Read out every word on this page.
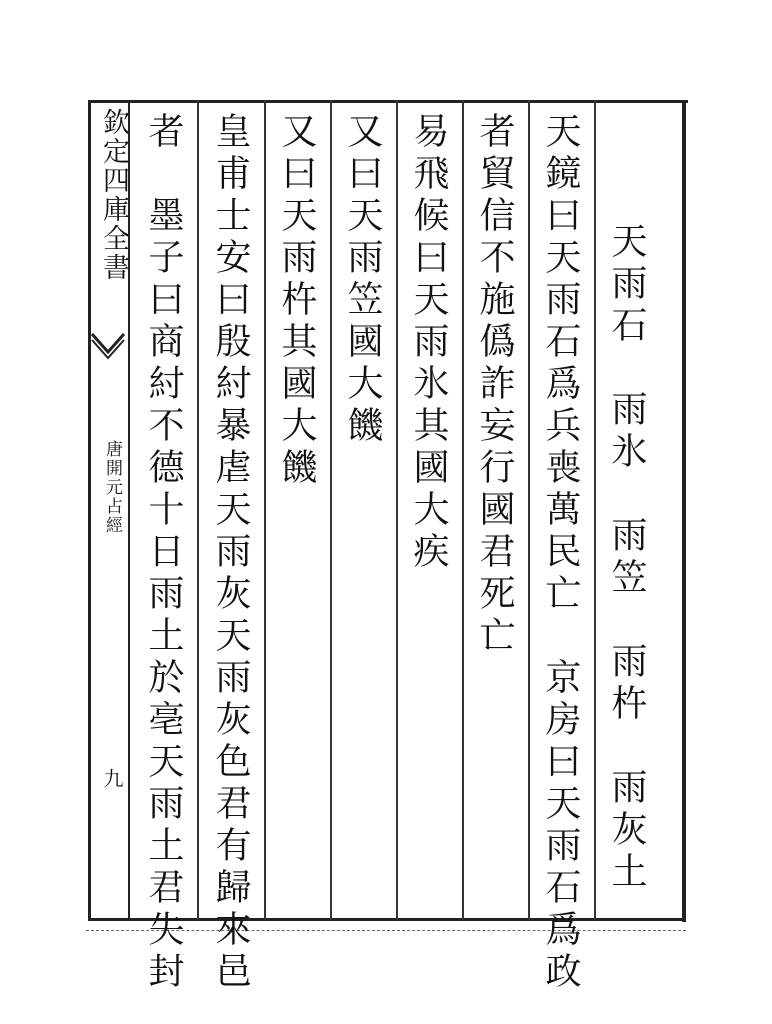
欽定四庫全書
唐開元占經
九	天雨石　雨氷　雨笠　雨杵　雨灰土
天鏡曰天雨石爲兵喪萬民亡　京房曰天雨石爲政
者貿信不施僞詐妄行國君死亡
易飛候曰天雨氷其國大疾
又曰天雨笠國大饑
又曰天雨杵其國大饑
皇甫士安曰殷紂暴虐天雨灰天雨灰色君有歸來邑
者　墨子曰商紂不德十日雨土於亳天雨土君失封
